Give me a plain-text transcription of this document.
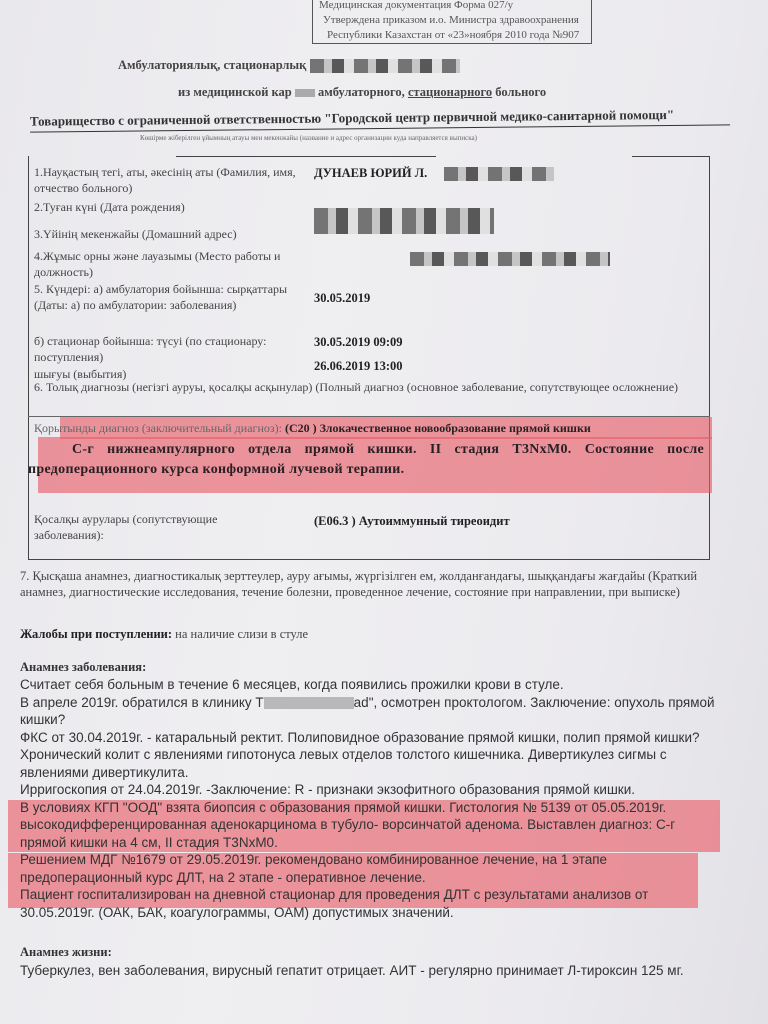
Медицинская документация Форма 027/у
Утверждена приказом и.о. Министра здравоохранения
Республики Казахстан от «23»ноября 2010 года №907
Амбулаториялық, стационарлық
из медицинской кар амбулаторного, стационарного больного
Товарищество с ограниченной ответственностью "Городской центр первичной медико-санитарной помощи"
Көшірме жіберілген ұйымның атауы мен мекенжайы (название и адрес организации куда направляется выписка)
1.Науқастың тегі, аты, әкесінің аты (Фамилия, имя, отчество больного)
ДУНАЕВ ЮРИЙ Л.
2.Туған күні (Дата рождения)
3.Үйінің мекенжайы (Домашний адрес)
4.Жұмыс орны және лауазымы (Место работы и должность)
5. Күндері: а) амбулатория бойынша: сырқаттары (Даты: а) по амбулатории: заболевания)	30.05.2019
б) стационар бойынша: түсуі (по стационару: поступления)
30.05.2019 09:09
шығуы (выбытия)
26.06.2019 13:00
6. Толық диагнозы (негізгі ауруы, қосалқы асқынулар) (Полный диагноз (основное заболевание, сопутствующее осложнение)
Қорытынды диагноз (заключительный диагноз): (С20 ) Злокачественное новообразование прямой кишки
С-г нижнеампулярного отдела прямой кишки. II стадия T3NxM0. Состояние после предоперационного курса конформной лучевой терапии.
Қосалқы аурулары (сопутствующие заболевания):
(Е06.3 ) Аутоиммунный тиреоидит
7. Қысқаша анамнез, диагностикалық зерттеулер, ауру ағымы, жүргізілген ем, жолданғандағы, шыққандағы жағдайы (Краткий анамнез, диагностические исследования, течение болезни, проведенное лечение, состояние при направлении, при выписке)
Жалобы при поступлении: на наличие слизи в стуле
Анамнез заболевания:
Считает себя больным в течение 6 месяцев, когда появились прожилки крови в стуле.
В апреле 2019г. обратился в клинику Т	ad", осмотрен проктологом. Заключение: опухоль прямой кишки?
ФКС от 30.04.2019г. - катаральный ректит. Полиповидное образование прямой кишки, полип прямой кишки? Хронический колит с явлениями гипотонуса левых отделов толстого кишечника. Дивертикулез сигмы с явлениями дивертикулита.
Ирригоскопия от 24.04.2019г. -Заключение: R - признаки экзофитного образования прямой кишки.
В условиях КГП "ООД" взята биопсия с образования прямой кишки. Гистология № 5139 от 05.05.2019г. высокодифференцированная аденокарцинома в тубуло- ворсинчатой аденома. Выставлен диагноз: С-г прямой кишки на 4 см, II стадия T3NxM0.
Решением МДГ №1679 от 29.05.2019г. рекомендовано комбинированное лечение, на 1 этапе предоперационный курс ДЛТ, на 2 этапе - оперативное лечение.
Пациент госпитализирован на дневной стационар для проведения ДЛТ с результатами анализов от 30.05.2019г. (ОАК, БАК, коагулограммы, ОАМ) допустимых значений.
Анамнез жизни:
Туберкулез, вен заболевания, вирусный гепатит отрицает. АИТ - регулярно принимает Л-тироксин 125 мг.
